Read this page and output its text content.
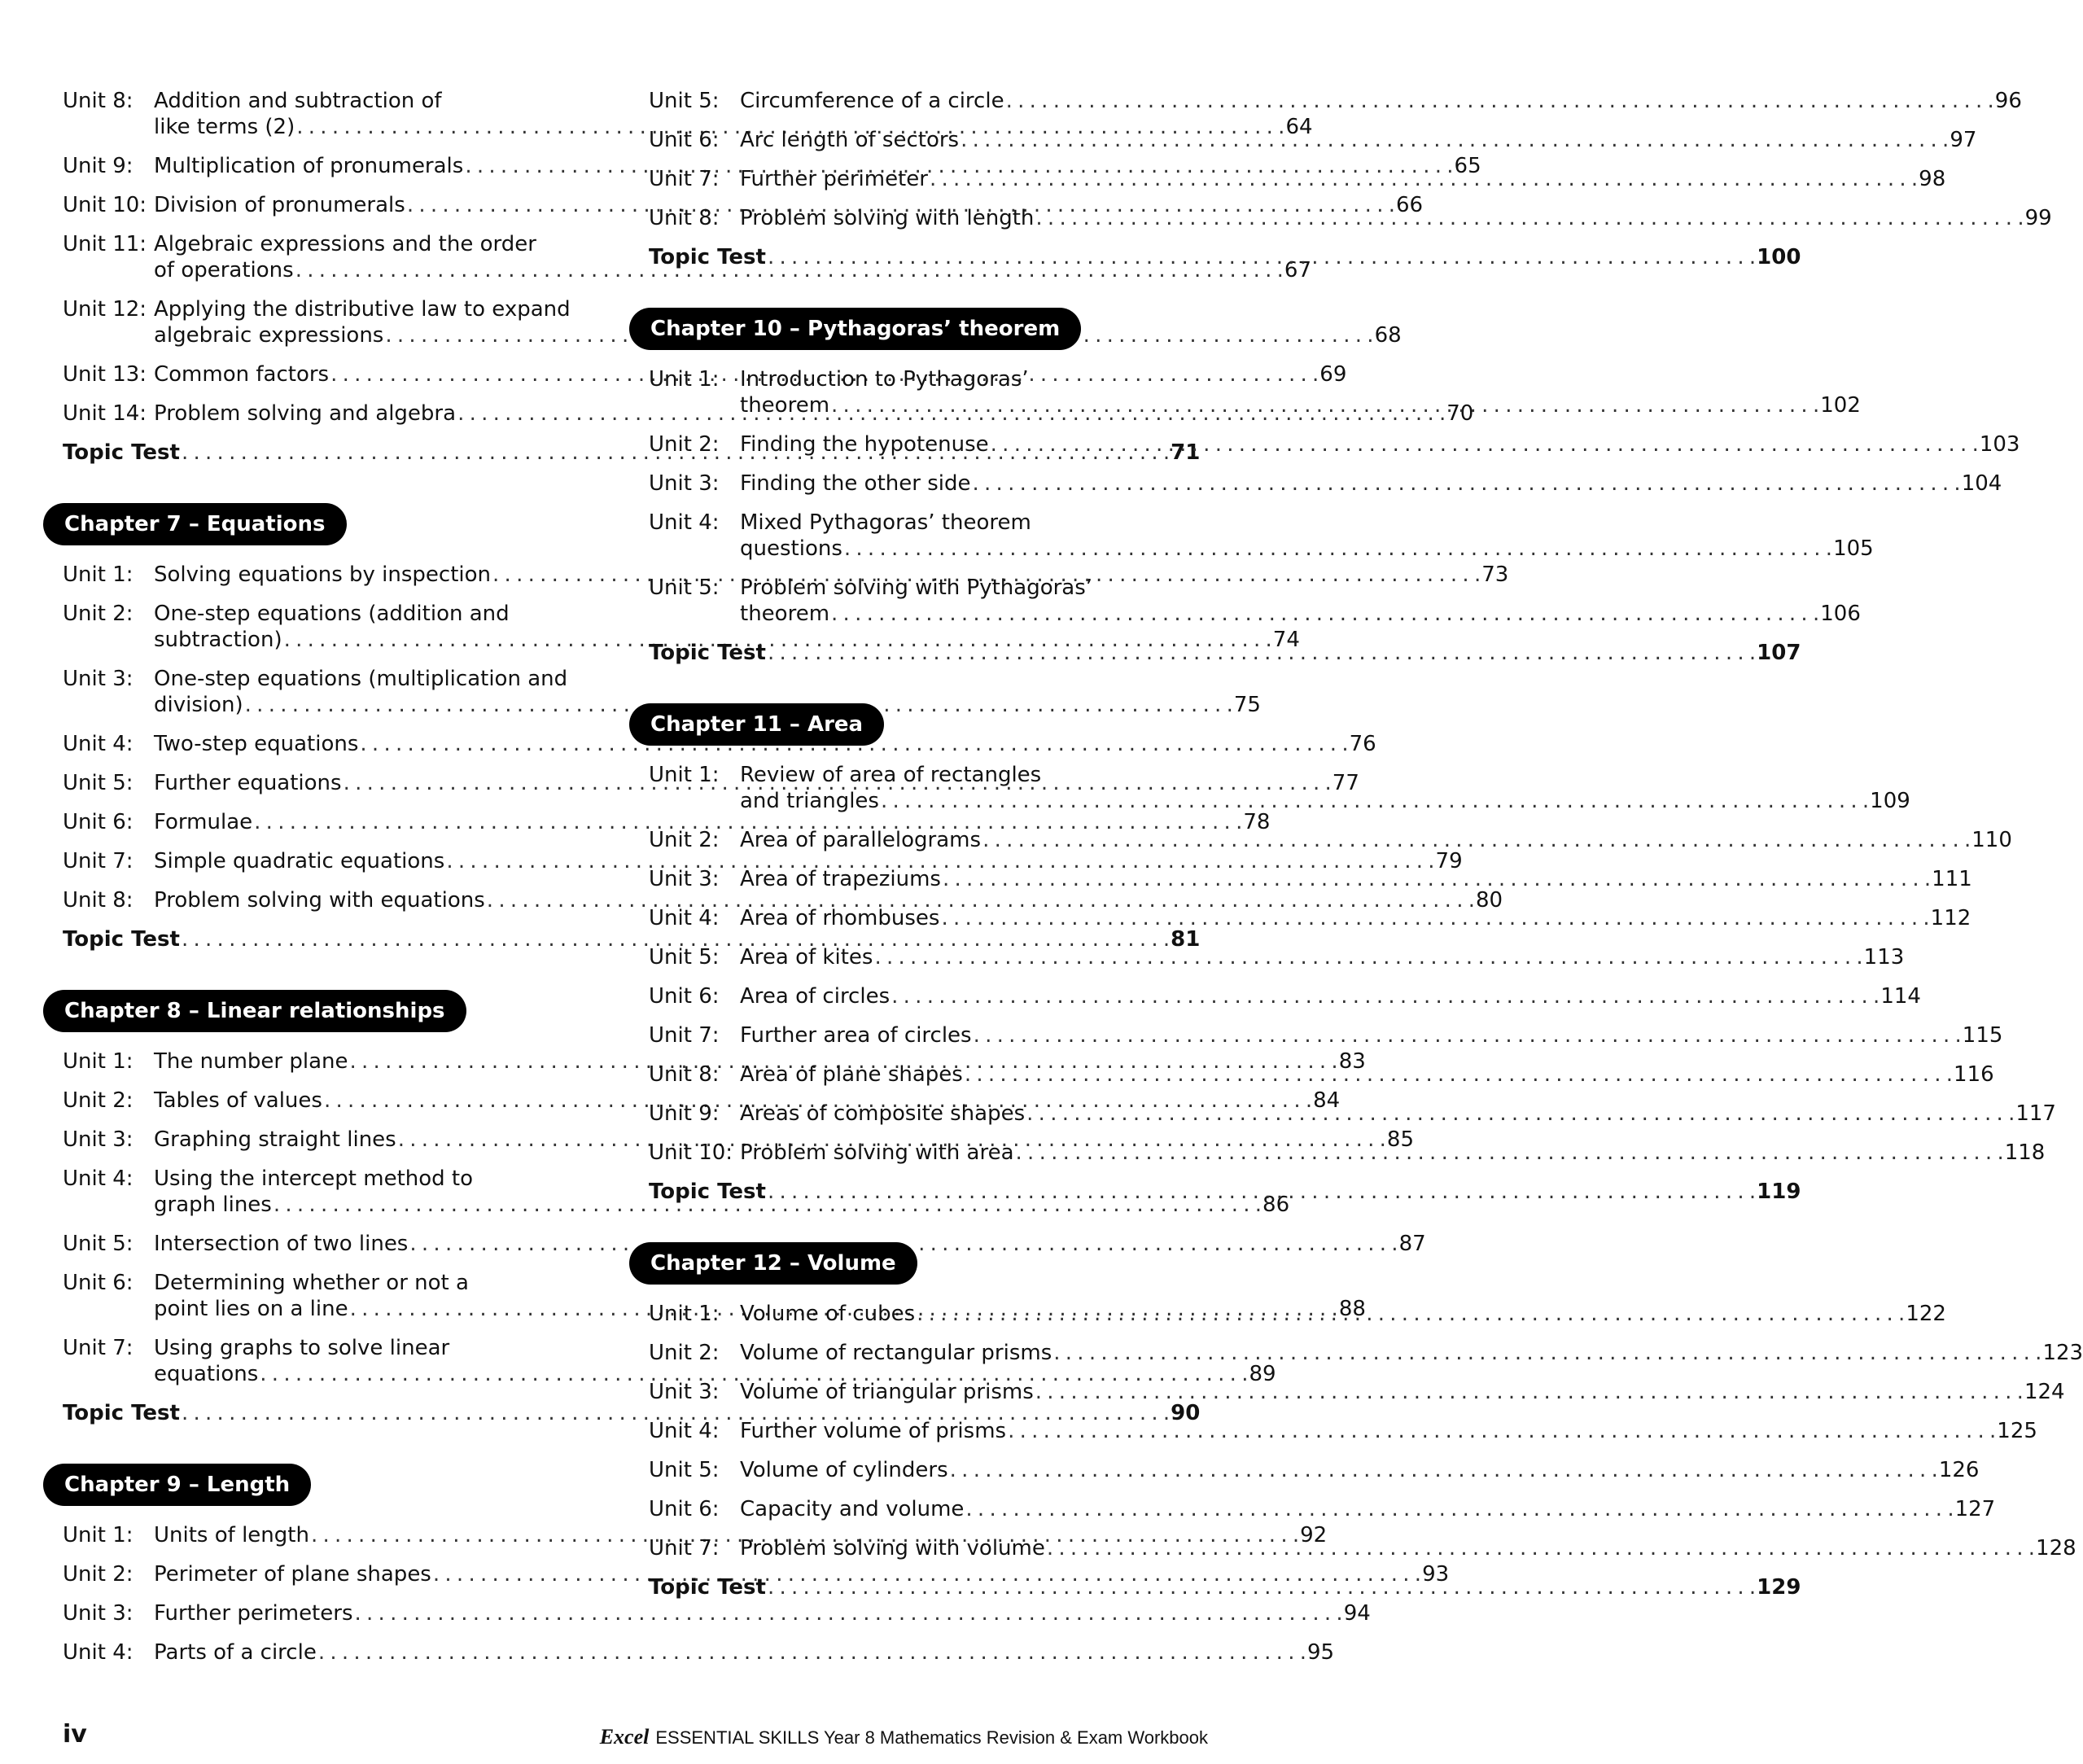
Unit 8: Addition and subtraction of
like terms (2) . . .	64
Unit 9: Multiplication of pronumerals . . .	65
Unit 10: Division of pronumerals . . .	66
Unit 11: Algebraic expressions and the order
of operations . . .	67
Unit 12: Applying the distributive law to expand
algebraic expressions . . .	68
Unit 13: Common factors . . .	69
Unit 14: Problem solving and algebra . . .	70
Topic Test . . .	71
Chapter 7 – Equations
Unit 1: Solving equations by inspection . . .	73
Unit 2: One-step equations (addition and
subtraction) . . .	74
Unit 3: One-step equations (multiplication and
division) . . .	75
Unit 4: Two-step equations . . .	76
Unit 5: Further equations . . .	77
Unit 6: Formulae . . .	78
Unit 7: Simple quadratic equations . . .	79
Unit 8: Problem solving with equations . . .	80
Topic Test . . .	81
Chapter 8 – Linear relationships
Unit 1: The number plane . . .	83
Unit 2: Tables of values . . .	84
Unit 3: Graphing straight lines . . .	85
Unit 4: Using the intercept method to
graph lines . . .	86
Unit 5: Intersection of two lines . . .	87
Unit 6: Determining whether or not a
point lies on a line . . .	88
Unit 7: Using graphs to solve linear
equations . . .	89
Topic Test . . .	90
Chapter 9 – Length
Unit 1: Units of length . . .	92
Unit 2: Perimeter of plane shapes . . .	93
Unit 3: Further perimeters . . .	94
Unit 4: Parts of a circle . . .	95
Unit 5: Circumference of a circle . . .	96
Unit 6: Arc length of sectors . . .	97
Unit 7: Further perimeter . . .	98
Unit 8: Problem solving with length . . .	99
Topic Test . . .	100
Chapter 10 – Pythagoras’ theorem
Unit 1: Introduction to Pythagoras’
theorem . . .	102
Unit 2: Finding the hypotenuse . . .	103
Unit 3: Finding the other side . . .	104
Unit 4: Mixed Pythagoras’ theorem
questions . . .	105
Unit 5: Problem solving with Pythagoras’
theorem . . .	106
Topic Test . . .	107
Chapter 11 – Area
Unit 1: Review of area of rectangles
and triangles . . .	109
Unit 2: Area of parallelograms . . .	110
Unit 3: Area of trapeziums . . .	111
Unit 4: Area of rhombuses . . .	112
Unit 5: Area of kites . . .	113
Unit 6: Area of circles . . .	114
Unit 7: Further area of circles . . .	115
Unit 8: Area of plane shapes . . .	116
Unit 9: Areas of composite shapes . . .	117
Unit 10: Problem solving with area . . .	118
Topic Test . . .	119
Chapter 12 – Volume
Unit 1: Volume of cubes . . .	122
Unit 2: Volume of rectangular prisms . . .	123
Unit 3: Volume of triangular prisms . . .	124
Unit 4: Further volume of prisms . . .	125
Unit 5: Volume of cylinders . . .	126
Unit 6: Capacity and volume . . .	127
Unit 7: Problem solving with volume . . .	128
Topic Test . . .	129
iv	Excel ESSENTIAL SKILLS Year 8 Mathematics Revision & Exam Workbook
